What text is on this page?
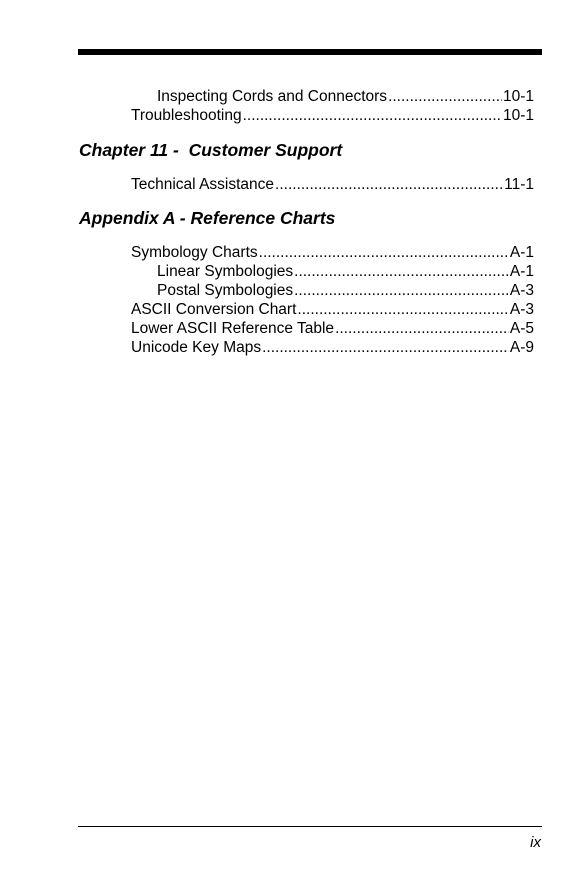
Inspecting Cords and Connectors .....	10-1
Troubleshooting .....	10-1
Chapter 11 -  Customer Support
Technical Assistance .....	11-1
Appendix A - Reference Charts
Symbology Charts .....	A-1
Linear Symbologies .....	A-1
Postal Symbologies .....	A-3
ASCII Conversion Chart .....	A-3
Lower ASCII Reference Table .....	A-5
Unicode Key Maps .....	A-9
ix
